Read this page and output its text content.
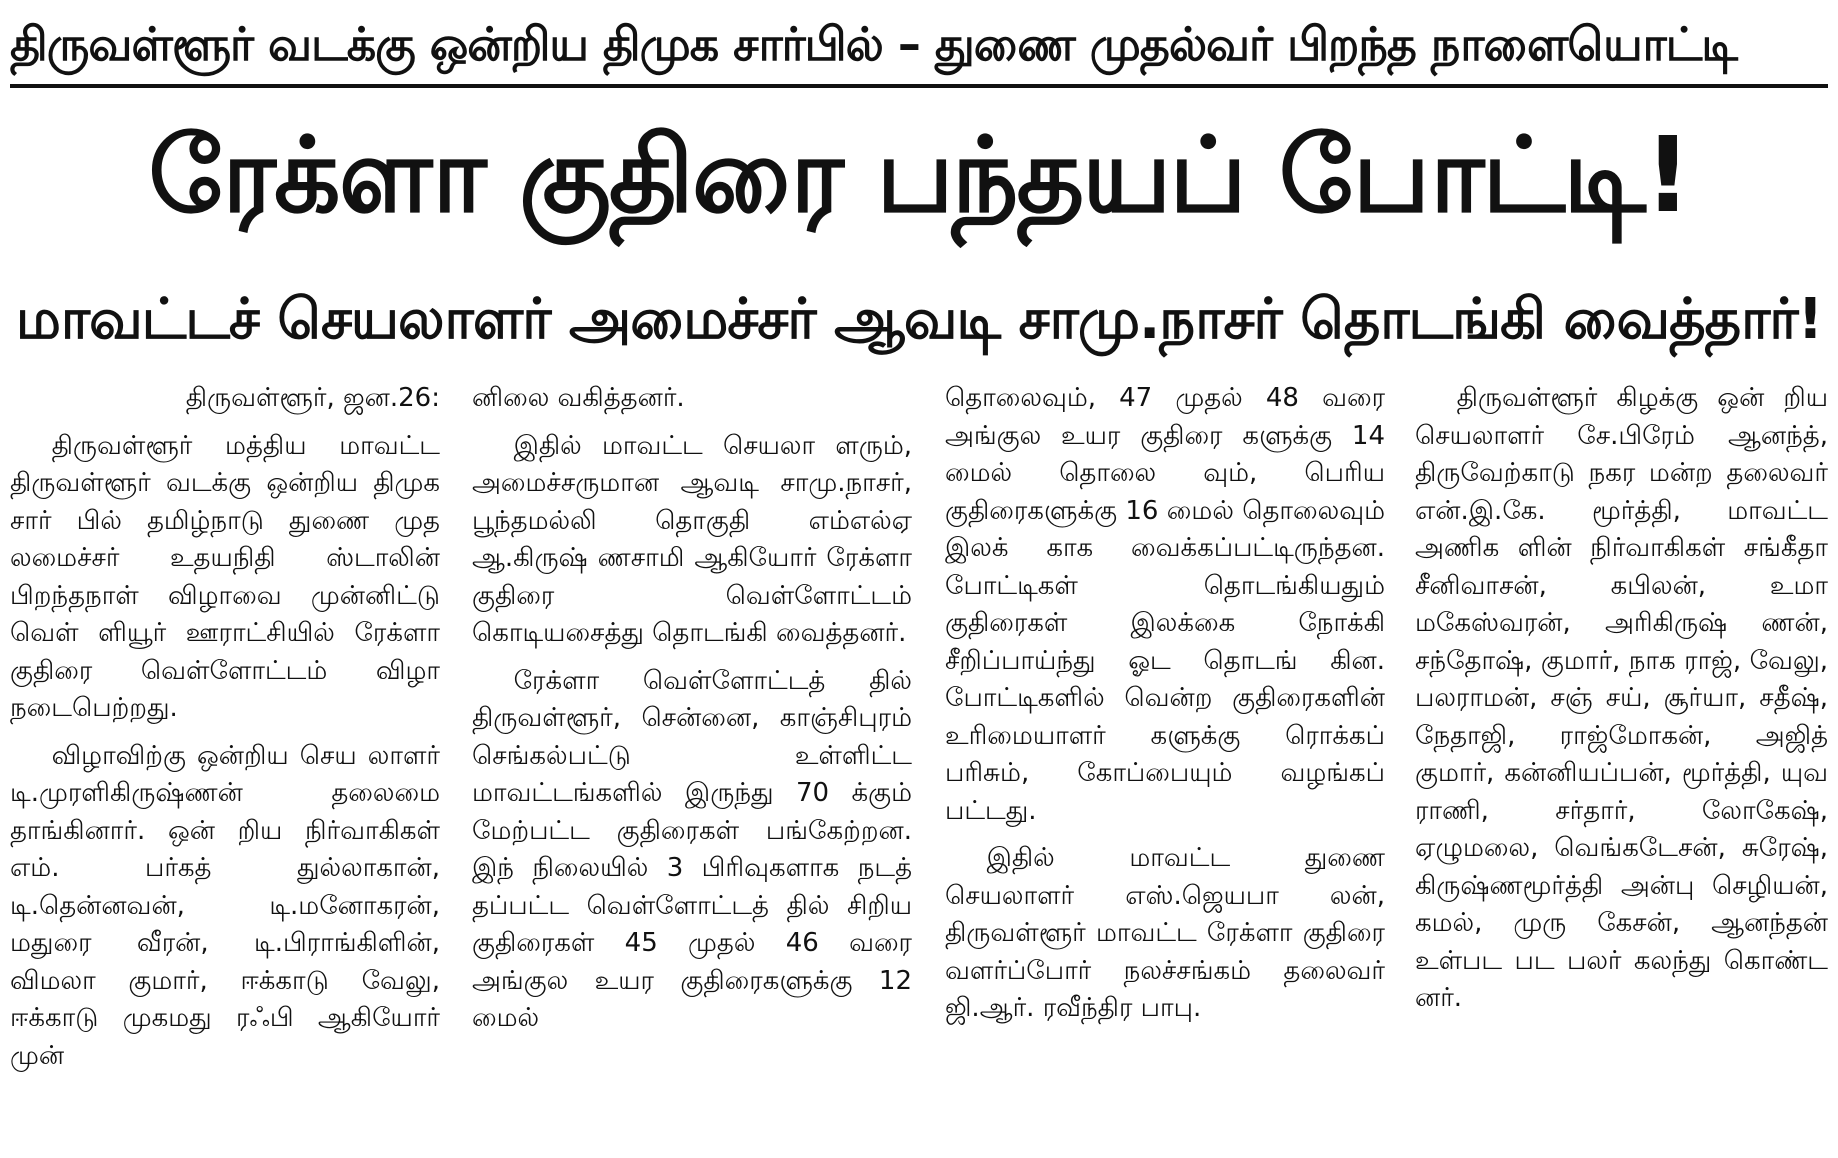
திருவள்ளூர் வடக்கு ஒன்றிய திமுக சார்பில் – துணை முதல்வர் பிறந்த நாளையொட்டி
ரேக்ளா குதிரை பந்தயப் போட்டி!
மாவட்டச் செயலாளர் அமைச்சர் ஆவடி சாமு.நாசர் தொடங்கி வைத்தார்!

திருவள்ளூர், ஜன.26:

திருவள்ளூர் மத்திய மாவட்ட திருவள்ளூர் வடக்கு ஒன்றிய திமுக சார் பில் தமிழ்நாடு துணை முத லமைச்சர் உதயநிதி ஸ்டாலின் பிறந்தநாள் விழாவை முன்னிட்டு வெள் ளியூர் ஊராட்சியில் ரேக்ளா குதிரை வெள்ளோட்டம் விழா நடைபெற்றது.

விழாவிற்கு ஒன்றிய செய லாளர் டி.முரளிகிருஷ்ணன் தலைமை தாங்கினார். ஒன் றிய நிர்வாகிகள் எம். பர்கத் துல்லாகான், டி.தென்னவன், டி.மனோகரன், மதுரை வீரன், டி.பிராங்கிளின், விமலா குமார், ஈக்காடு வேலு, ஈக்காடு முகமது ரஃபி ஆகியோர் முன்

னிலை வகித்தனர்.

இதில் மாவட்ட செயலா ளரும், அமைச்சருமான ஆவடி சாமு.நாசர், பூந்தமல்லி தொகுதி எம்எல்ஏ ஆ.கிருஷ் ணசாமி ஆகியோர் ரேக்ளா குதிரை வெள்ளோட்டம் கொடியசைத்து தொடங்கி வைத்தனர்.

ரேக்ளா வெள்ளோட்டத் தில் திருவள்ளூர், சென்னை, காஞ்சிபுரம் செங்கல்பட்டு உள்ளிட்ட மாவட்டங்களில் இருந்து 70 க்கும் மேற்பட்ட குதிரைகள் பங்கேற்றன. இந் நிலையில் 3 பிரிவுகளாக நடத் தப்பட்ட வெள்ளோட்டத் தில் சிறிய குதிரைகள் 45 முதல் 46 வரை அங்குல உயர குதிரைகளுக்கு 12 மைல்

தொலைவும், 47 முதல் 48 வரை அங்குல உயர குதிரை களுக்கு 14 மைல் தொலை வும், பெரிய குதிரைகளுக்கு 16 மைல் தொலைவும் இலக் காக வைக்கப்பட்டிருந்தன. போட்டிகள் தொடங்கியதும் குதிரைகள் இலக்கை நோக்கி சீறிப்பாய்ந்து ஓட தொடங் கின. போட்டிகளில் வென்ற குதிரைகளின் உரிமையாளர் களுக்கு ரொக்கப் பரிசும், கோப்பையும் வழங்கப் பட்டது.

இதில் மாவட்ட துணை செயலாளர் எஸ்.ஜெயபா லன், திருவள்ளூர் மாவட்ட ரேக்ளா குதிரை வளர்ப்போர் நலச்சங்கம் தலைவர் ஜி.ஆர். ரவீந்திர பாபு.

திருவள்ளூர் கிழக்கு ஒன் றிய செயலாளர் சே.பிரேம் ஆனந்த், திருவேற்காடு நகர மன்ற தலைவர் என்.இ.கே. மூர்த்தி, மாவட்ட அணிக ளின் நிர்வாகிகள் சங்கீதா சீனிவாசன், கபிலன், உமா மகேஸ்வரன், அரிகிருஷ் ணன், சந்தோஷ், குமார், நாக ராஜ், வேலு, பலராமன், சஞ் சய், சூர்யா, சதீஷ், நேதாஜி, ராஜ்மோகன், அஜித் குமார், கன்னியப்பன், மூர்த்தி, யுவ ராணி, சர்தார், லோகேஷ், ஏழுமலை, வெங்கடேசன், சுரேஷ், கிருஷ்ணமூர்த்தி அன்பு செழியன், கமல், முரு கேசன், ஆனந்தன் உள்பட பட பலர் கலந்து கொண்ட னர்.
